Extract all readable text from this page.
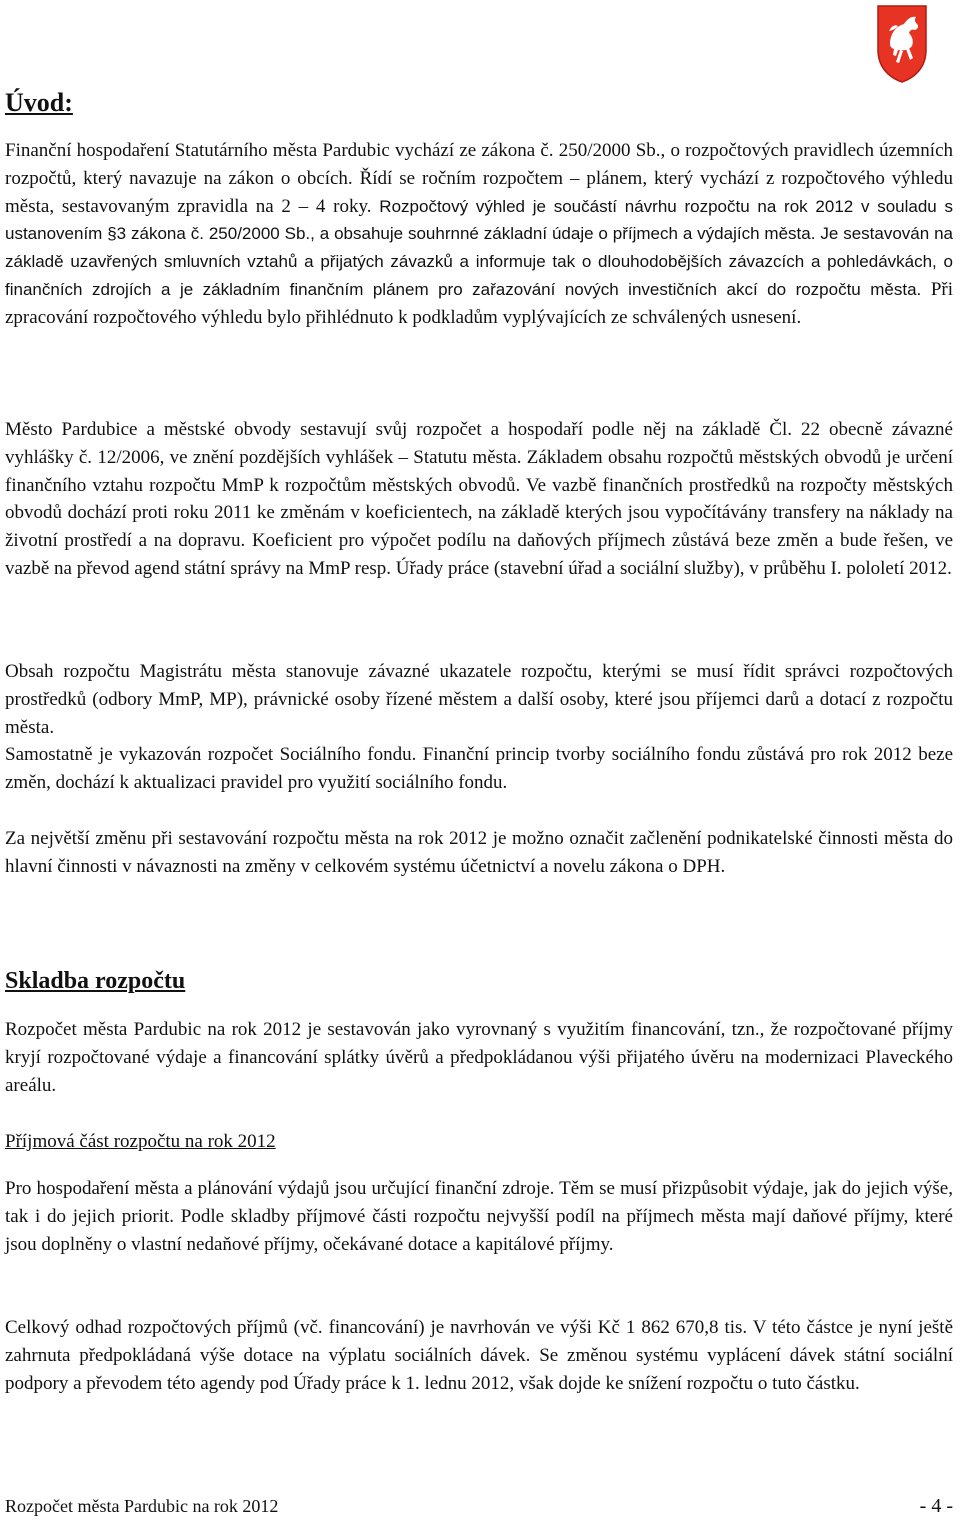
Úvod:
Finanční hospodaření Statutárního města Pardubic vychází ze zákona č. 250/2000 Sb., o rozpočtových pravidlech územních rozpočtů, který navazuje na zákon o obcích. Řídí se ročním rozpočtem – plánem, který vychází z rozpočtového výhledu města, sestavovaným zpravidla na 2 – 4 roky. Rozpočtový výhled je součástí návrhu rozpočtu na rok 2012 v souladu s ustanovením §3 zákona č. 250/2000 Sb., a obsahuje souhrnné základní údaje o příjmech a výdajích města. Je sestavován na základě uzavřených smluvních vztahů a přijatých závazků a informuje tak o dlouhodobějších závazcích a pohledávkách, o finančních zdrojích a je základním finančním plánem pro zařazování nových investičních akcí do rozpočtu města. Při zpracování rozpočtového výhledu bylo přihlédnuto k podkladům vyplývajících ze schválených usnesení.

Město Pardubice a městské obvody sestavují svůj rozpočet a hospodaří podle něj na základě Čl. 22 obecně závazné vyhlášky č. 12/2006, ve znění pozdějších vyhlášek – Statutu města. Základem obsahu rozpočtů městských obvodů je určení finančního vztahu rozpočtu MmP k rozpočtům městských obvodů. Ve vazbě finančních prostředků na rozpočty městských obvodů dochází proti roku 2011 ke změnám v koeficientech, na základě kterých jsou vypočítávány transfery na náklady na životní prostředí a na dopravu. Koeficient pro výpočet podílu na daňových příjmech zůstává beze změn a bude řešen, ve vazbě na převod agend státní správy na MmP resp. Úřady práce (stavební úřad a sociální služby), v průběhu I. pololetí 2012.

Obsah rozpočtu Magistrátu města stanovuje závazné ukazatele rozpočtu, kterými se musí řídit správci rozpočtových prostředků (odbory MmP, MP), právnické osoby řízené městem a další osoby, které jsou příjemci darů a dotací z rozpočtu města.

Samostatně je vykazován rozpočet Sociálního fondu. Finanční princip tvorby sociálního fondu zůstává pro rok 2012 beze změn, dochází k aktualizaci pravidel pro využití sociálního fondu.

Za největší změnu při sestavování rozpočtu města na rok 2012 je možno označit začlenění podnikatelské činnosti města do hlavní činnosti v návaznosti na změny v celkovém systému účetnictví a novelu zákona o DPH.

Skladba rozpočtu

Rozpočet města Pardubic na rok 2012 je sestavován jako vyrovnaný s využitím financování, tzn., že rozpočtované příjmy kryjí rozpočtované výdaje a financování splátky úvěrů a předpokládanou výši přijatého úvěru na modernizaci Plaveckého areálu.

Příjmová část rozpočtu na rok 2012

Pro hospodaření města a plánování výdajů jsou určující finanční zdroje. Těm se musí přizpůsobit výdaje, jak do jejich výše, tak i do jejich priorit. Podle skladby příjmové části rozpočtu nejvyšší podíl na příjmech města mají daňové příjmy, které jsou doplněny o vlastní nedaňové příjmy, očekávané dotace a kapitálové příjmy.

Celkový odhad rozpočtových příjmů (vč. financování) je navrhován ve výši Kč 1 862 670,8 tis. V této částce je nyní ještě zahrnuta předpokládaná výše dotace na výplatu sociálních dávek. Se změnou systému vyplácení dávek státní sociální podpory a převodem této agendy pod Úřady práce k 1. lednu 2012, však dojde ke snížení rozpočtu o tuto částku.

Rozpočet města Pardubic na rok 2012	- 4 -
